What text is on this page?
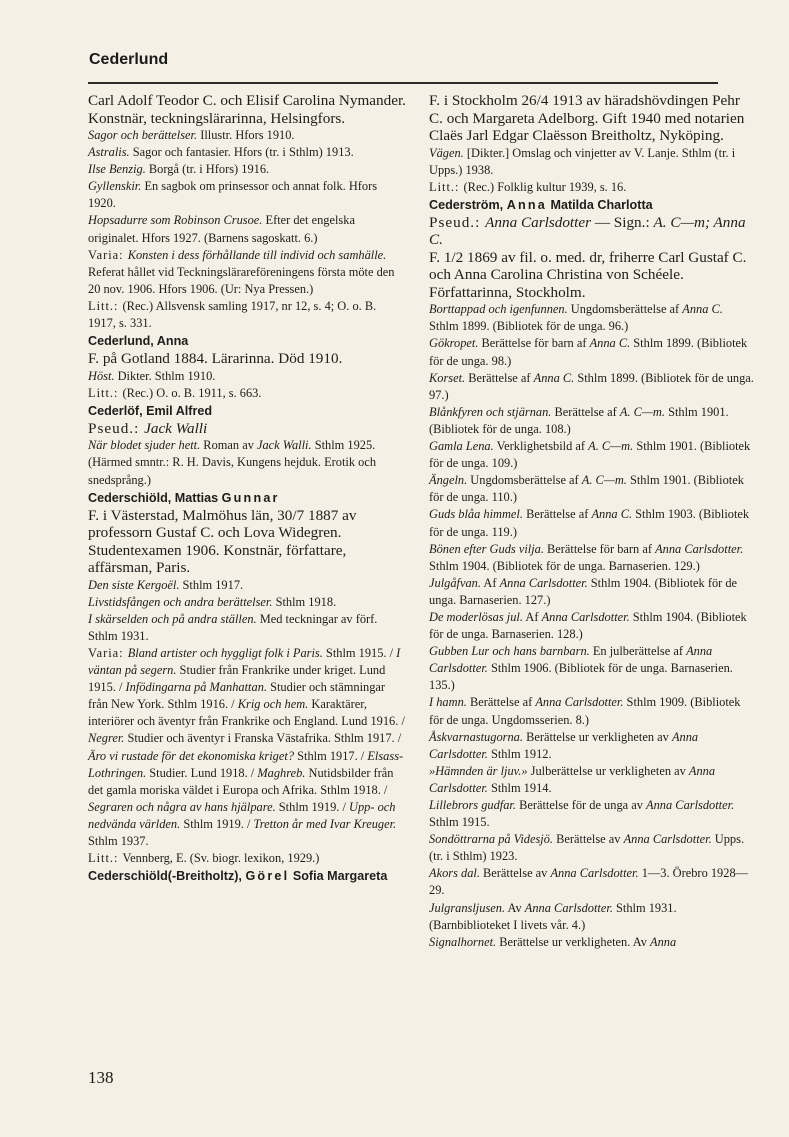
Cederlund
Carl Adolf Teodor C. och Elisif Carolina Nymander. Konstnär, teckningslärarinna, Helsingfors.
Sagor och berättelser. Illustr. Hfors 1910.
Astralis. Sagor och fantasier. Hfors (tr. i Sthlm) 1913.
Ilse Benzig. Borgå (tr. i Hfors) 1916.
Gyllenskir. En sagbok om prinsessor och annat folk. Hfors 1920.
Hopsadurre som Robinson Crusoe. Efter det engelska originalet. Hfors 1927. (Barnens sagoskatt. 6.)
Varia: Konsten i dess förhållande till individ och samhälle. Referat hållet vid Teckningslärareföreningens första möte den 20 nov. 1906. Hfors 1906. (Ur: Nya Pressen.)
Litt.: (Rec.) Allsvensk samling 1917, nr 12, s. 4; O. o. B. 1917, s. 331.
Cederlund, Anna
F. på Gotland 1884. Lärarinna. Död 1910.
Höst. Dikter. Sthlm 1910.
Litt.: (Rec.) O. o. B. 1911, s. 663.
Cederlöf, Emil Alfred
Pseud.: Jack Walli
När blodet sjuder hett. Roman av Jack Walli. Sthlm 1925. (Härmed smntr.: R. H. Davis, Kungens hejduk. Erotik och snedsprång.)
Cederschiöld, Mattias Gunnar
F. i Västerstad, Malmöhus län, 30/7 1887 av professorn Gustaf C. och Lova Widegren. Studentexamen 1906. Konstnär, författare, affärsman, Paris.
Den siste Kergoël. Sthlm 1917.
Livstidsfången och andra berättelser. Sthlm 1918.
I skärselden och på andra ställen. Med teckningar av förf. Sthlm 1931.
Varia: Bland artister och hyggligt folk i Paris. Sthlm 1915. / I väntan på segern. Studier från Frankrike under kriget. Lund 1915. / Infödingarna på Manhattan. Studier och stämningar från New York. Sthlm 1916. / Krig och hem. Karaktärer, interiörer och äventyr från Frankrike och England. Lund 1916. / Negrer. Studier och äventyr i Franska Västafrika. Sthlm 1917. / Äro vi rustade för det ekonomiska kriget? Sthlm 1917. / Elsass-Lothringen. Studier. Lund 1918. / Maghreb. Nutidsbilder från det gamla moriska väldet i Europa och Afrika. Sthlm 1918. / Segraren och några av hans hjälpare. Sthlm 1919. / Upp- och nedvända världen. Sthlm 1919. / Tretton år med Ivar Kreuger. Sthlm 1937.
Litt.: Vennberg, E. (Sv. biogr. lexikon, 1929.)
Cederschiöld(-Breitholtz), Görel Sofia Margareta
F. i Stockholm 26/4 1913 av häradshövdingen Pehr C. och Margareta Adelborg. Gift 1940 med notarien Claës Jarl Edgar Claësson Breitholtz, Nyköping.
Vägen. [Dikter.] Omslag och vinjetter av V. Lanje. Sthlm (tr. i Upps.) 1938.
Litt.: (Rec.) Folklig kultur 1939, s. 16.
Cederström, Anna Matilda Charlotta
Pseud.: Anna Carlsdotter — Sign.: A. C—m; Anna C.
F. 1/2 1869 av fil. o. med. dr, friherre Carl Gustaf C. och Anna Carolina Christina von Schéele. Författarinna, Stockholm.
Borttappad och igenfunnen. Ungdomsberättelse af Anna C. Sthlm 1899. (Bibliotek för de unga. 96.)
Gökropet. Berättelse för barn af Anna C. Sthlm 1899. (Bibliotek för de unga. 98.)
Korset. Berättelse af Anna C. Sthlm 1899. (Bibliotek för de unga. 97.)
Blånkfyren och stjärnan. Berättelse af A. C—m. Sthlm 1901. (Bibliotek för de unga. 108.)
Gamla Lena. Verklighetsbild af A. C—m. Sthlm 1901. (Bibliotek för de unga. 109.)
Ängeln. Ungdomsberättelse af A. C—m. Sthlm 1901. (Bibliotek för de unga. 110.)
Guds blåa himmel. Berättelse af Anna C. Sthlm 1903. (Bibliotek för de unga. 119.)
Bönen efter Guds vilja. Berättelse för barn af Anna Carlsdotter. Sthlm 1904. (Bibliotek för de unga. Barnaserien. 129.)
Julgåfvan. Af Anna Carlsdotter. Sthlm 1904. (Bibliotek för de unga. Barnaserien. 127.)
De moderlösas jul. Af Anna Carlsdotter. Sthlm 1904. (Bibliotek för de unga. Barnaserien. 128.)
Gubben Lur och hans barnbarn. En julberättelse af Anna Carlsdotter. Sthlm 1906. (Bibliotek för de unga. Barnaserien. 135.)
I hamn. Berättelse af Anna Carlsdotter. Sthlm 1909. (Bibliotek för de unga. Ungdomsserien. 8.)
Åskvarnastugorna. Berättelse ur verkligheten av Anna Carlsdotter. Sthlm 1912.
»Hämnden är ljuv.» Julberättelse ur verkligheten av Anna Carlsdotter. Sthlm 1914.
Lillebrors gudfar. Berättelse för de unga av Anna Carlsdotter. Sthlm 1915.
Sondöttrarna på Videsjö. Berättelse av Anna Carlsdotter. Upps. (tr. i Sthlm) 1923.
Akors dal. Berättelse av Anna Carlsdotter. 1—3. Örebro 1928—29.
Julgransljusen. Av Anna Carlsdotter. Sthlm 1931. (Barnbiblioteket I livets vår. 4.)
Signalhornet. Berättelse ur verkligheten. Av Anna
138
